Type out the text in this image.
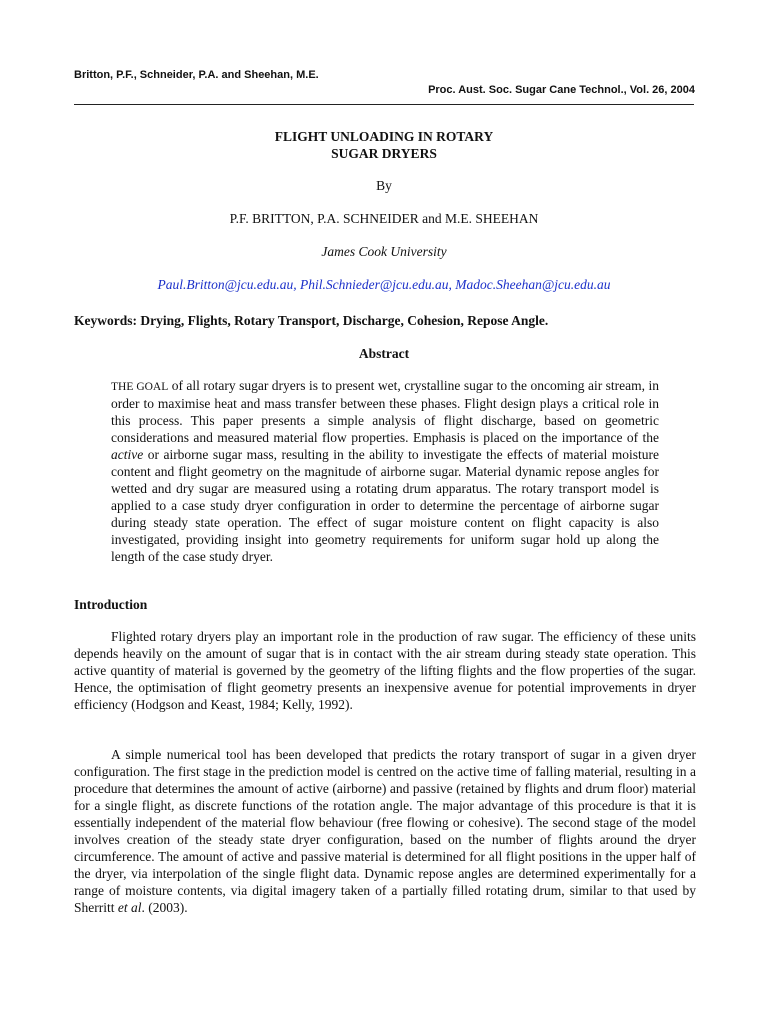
Britton, P.F., Schneider, P.A. and Sheehan, M.E.
Proc. Aust. Soc. Sugar Cane Technol., Vol. 26, 2004
FLIGHT UNLOADING IN ROTARY
SUGAR DRYERS
By
P.F. BRITTON, P.A. SCHNEIDER and M.E. SHEEHAN
James Cook University
Paul.Britton@jcu.edu.au, Phil.Schnieder@jcu.edu.au, Madoc.Sheehan@jcu.edu.au
Keywords: Drying, Flights, Rotary Transport, Discharge, Cohesion, Repose Angle.
Abstract

THE GOAL of all rotary sugar dryers is to present wet, crystalline sugar to the oncoming air stream, in order to maximise heat and mass transfer between these phases. Flight design plays a critical role in this process. This paper presents a simple analysis of flight discharge, based on geometric considerations and measured material flow properties. Emphasis is placed on the importance of the active or airborne sugar mass, resulting in the ability to investigate the effects of material moisture content and flight geometry on the magnitude of airborne sugar. Material dynamic repose angles for wetted and dry sugar are measured using a rotating drum apparatus. The rotary transport model is applied to a case study dryer configuration in order to determine the percentage of airborne sugar during steady state operation. The effect of sugar moisture content on flight capacity is also investigated, providing insight into geometry requirements for uniform sugar hold up along the length of the case study dryer.

Introduction

Flighted rotary dryers play an important role in the production of raw sugar. The efficiency of these units depends heavily on the amount of sugar that is in contact with the air stream during steady state operation. This active quantity of material is governed by the geometry of the lifting flights and the flow properties of the sugar. Hence, the optimisation of flight geometry presents an inexpensive avenue for potential improvements in dryer efficiency (Hodgson and Keast, 1984; Kelly, 1992).

A simple numerical tool has been developed that predicts the rotary transport of sugar in a given dryer configuration. The first stage in the prediction model is centred on the active time of falling material, resulting in a procedure that determines the amount of active (airborne) and passive (retained by flights and drum floor) material for a single flight, as discrete functions of the rotation angle. The major advantage of this procedure is that it is essentially independent of the material flow behaviour (free flowing or cohesive). The second stage of the model involves creation of the steady state dryer configuration, based on the number of flights around the dryer circumference. The amount of active and passive material is determined for all flight positions in the upper half of the dryer, via interpolation of the single flight data. Dynamic repose angles are determined experimentally for a range of moisture contents, via digital imagery taken of a partially filled rotating drum, similar to that used by Sherritt et al. (2003).
